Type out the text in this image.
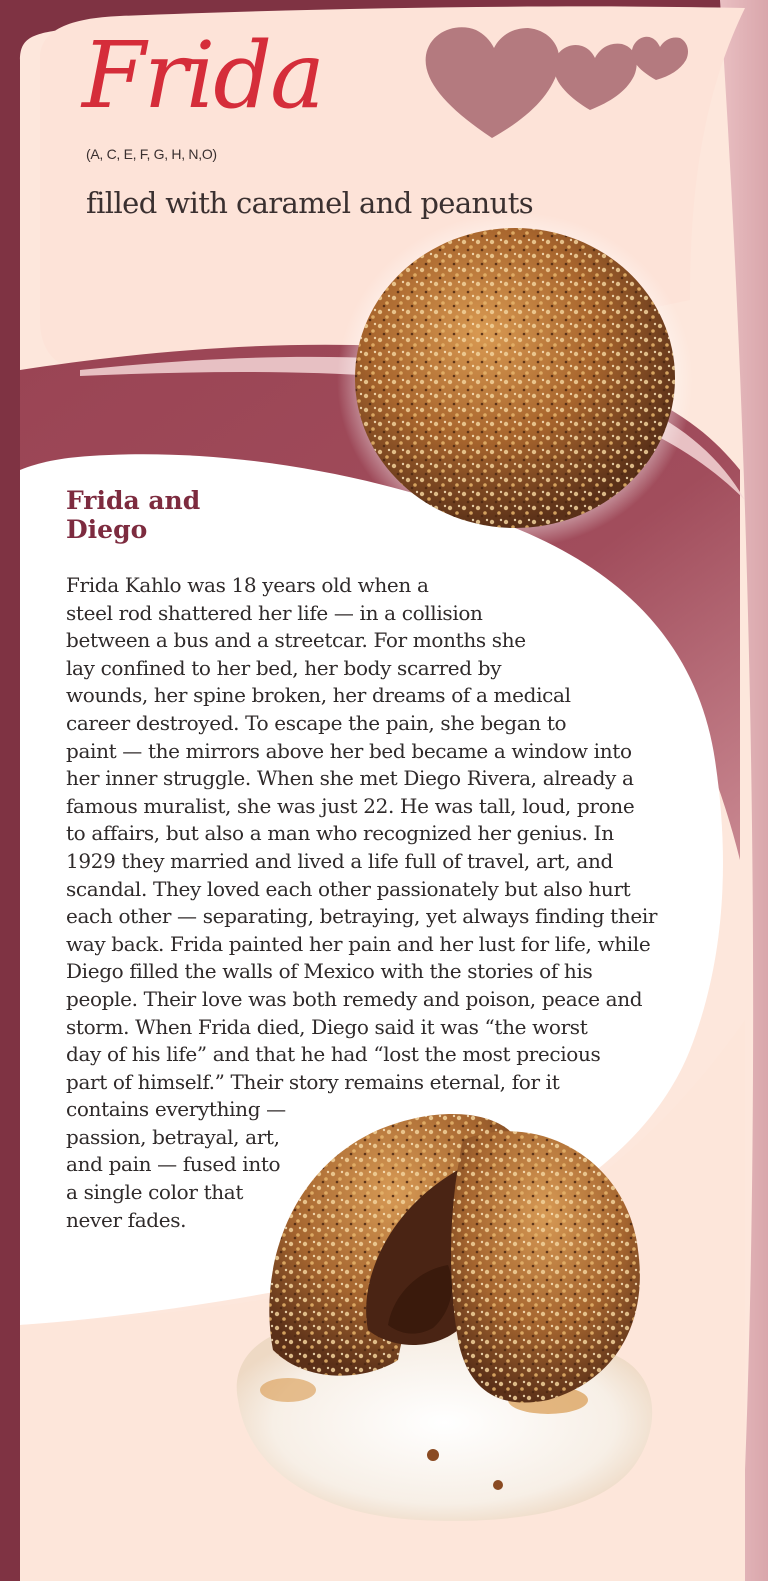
Frida
(A, C, E, F, G, H, N,O)
filled with caramel and peanuts
Frida and
Diego
Frida Kahlo was 18 years old when a
steel rod shattered her life — in a collision
between a bus and a streetcar. For months she
lay confined to her bed, her body scarred by
wounds, her spine broken, her dreams of a medical
career destroyed. To escape the pain, she began to
paint — the mirrors above her bed became a window into
her inner struggle. When she met Diego Rivera, already a
famous muralist, she was just 22. He was tall, loud, prone
to affairs, but also a man who recognized her genius. In
1929 they married and lived a life full of travel, art, and
scandal. They loved each other passionately but also hurt
each other — separating, betraying, yet always finding their
way back. Frida painted her pain and her lust for life, while
Diego filled the walls of Mexico with the stories of his
people. Their love was both remedy and poison, peace and
storm. When Frida died, Diego said it was “the worst
day of his life” and that he had “lost the most precious
part of himself.” Their story remains eternal, for it
contains everything —
passion, betrayal, art,
and pain — fused into
a single color that
never fades.
